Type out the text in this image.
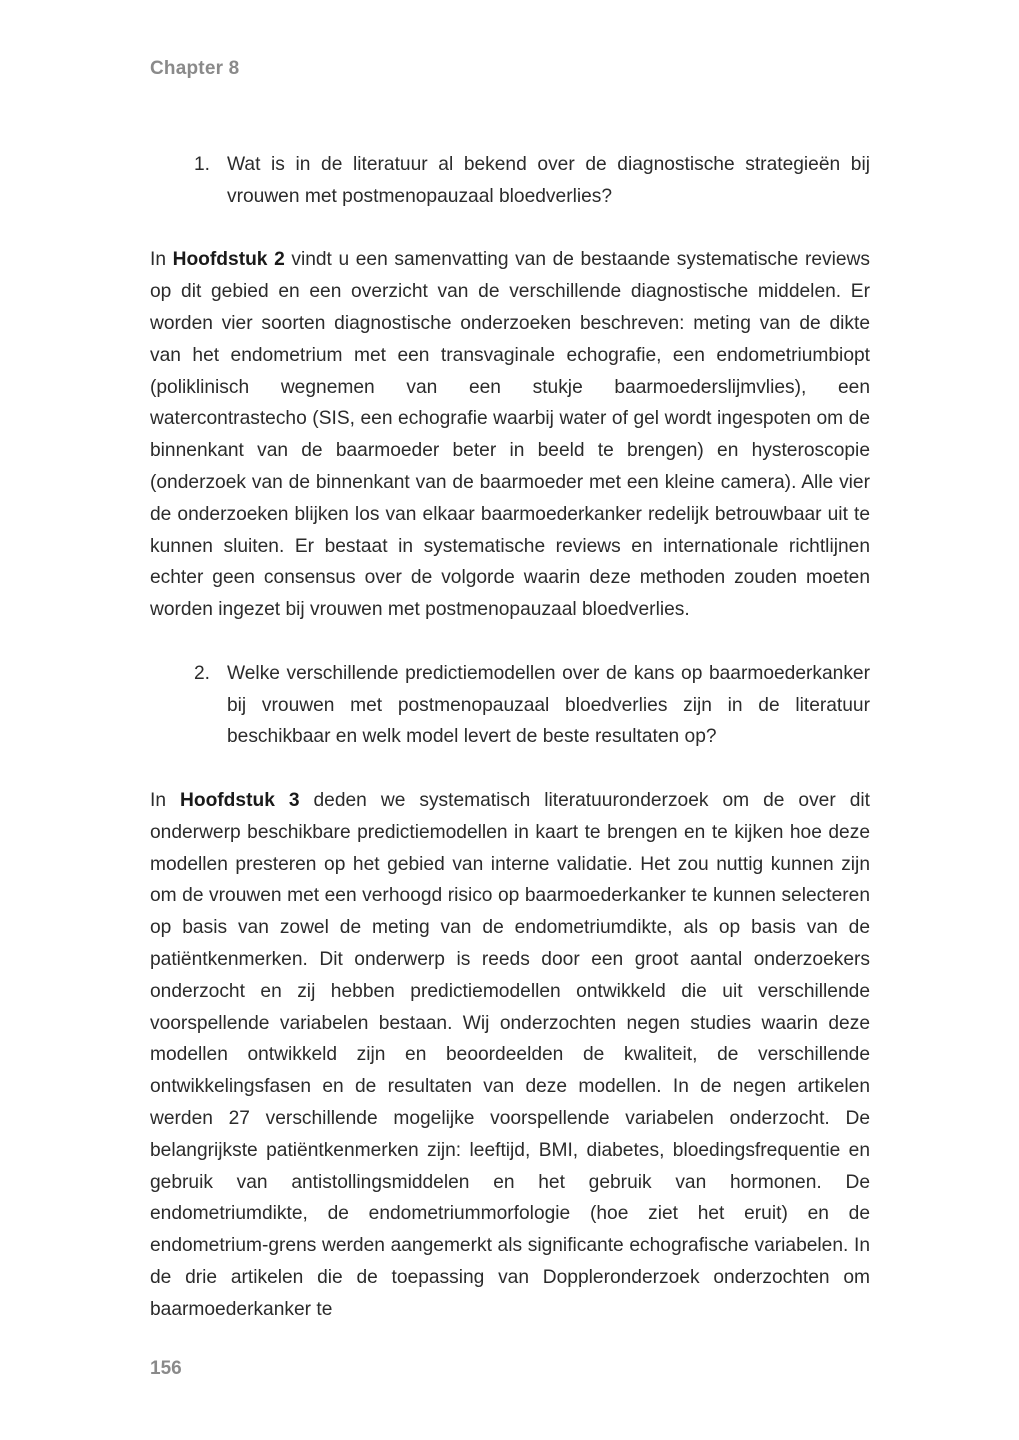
Chapter 8
1. Wat is in de literatuur al bekend over de diagnostische strategieën bij vrouwen met postmenopauzaal bloedverlies?

In Hoofdstuk 2 vindt u een samenvatting van de bestaande systematische reviews op dit gebied en een overzicht van de verschillende diagnostische middelen. Er worden vier soorten diagnostische onderzoeken beschreven: meting van de dikte van het endometrium met een transvaginale echografie, een endometriumbiopt (poliklinisch wegnemen van een stukje baarmoederslijmvlies), een watercontrastecho (SIS, een echografie waarbij water of gel wordt ingespoten om de binnenkant van de baarmoeder beter in beeld te brengen) en hysteroscopie (onderzoek van de binnenkant van de baarmoeder met een kleine camera). Alle vier de onderzoeken blijken los van elkaar baarmoederkanker redelijk betrouwbaar uit te kunnen sluiten. Er bestaat in systematische reviews en internationale richtlijnen echter geen consensus over de volgorde waarin deze methoden zouden moeten worden ingezet bij vrouwen met postmenopauzaal bloedverlies.

2. Welke verschillende predictiemodellen over de kans op baarmoederkanker bij vrouwen met postmenopauzaal bloedverlies zijn in de literatuur beschikbaar en welk model levert de beste resultaten op?

In Hoofdstuk 3 deden we systematisch literatuuronderzoek om de over dit onderwerp beschikbare predictiemodellen in kaart te brengen en te kijken hoe deze modellen presteren op het gebied van interne validatie. Het zou nuttig kunnen zijn om de vrouwen met een verhoogd risico op baarmoederkanker te kunnen selecteren op basis van zowel de meting van de endometriumdikte, als op basis van de patiëntkenmerken. Dit onderwerp is reeds door een groot aantal onderzoekers onderzocht en zij hebben predictiemodellen ontwikkeld die uit verschillende voorspellende variabelen bestaan. Wij onderzochten negen studies waarin deze modellen ontwikkeld zijn en beoordeelden de kwaliteit, de verschillende ontwikkelingsfasen en de resultaten van deze modellen. In de negen artikelen werden 27 verschillende mogelijke voorspellende variabelen onderzocht. De belangrijkste patiëntkenmerken zijn: leeftijd, BMI, diabetes, bloedingsfrequentie en gebruik van antistollingsmiddelen en het gebruik van hormonen. De endometriumdikte, de endometriummorfologie (hoe ziet het eruit) en de endometrium-grens werden aangemerkt als significante echografische variabelen. In de drie artikelen die de toepassing van Doppleronderzoek onderzochten om baarmoederkanker te

156
